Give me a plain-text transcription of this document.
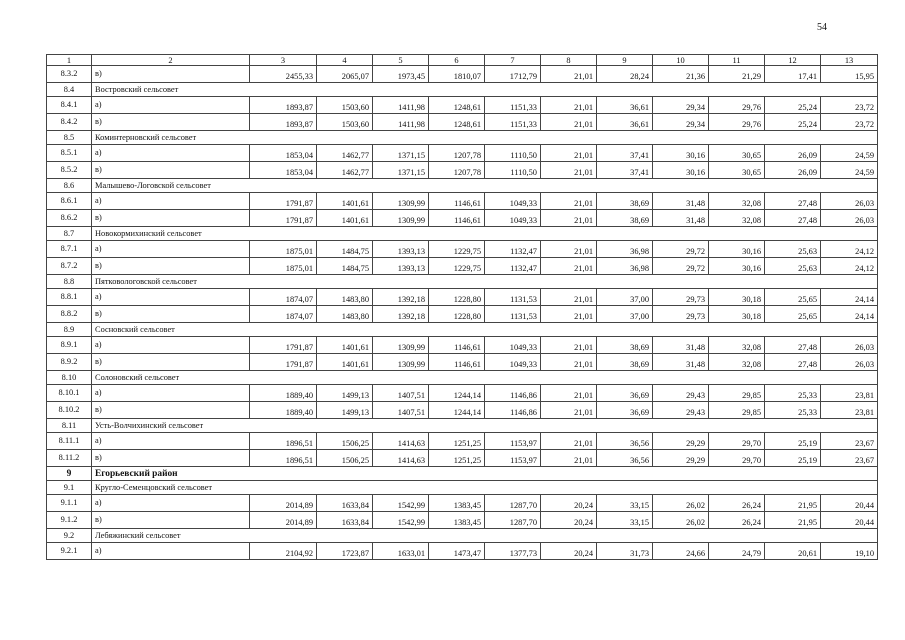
54
1	2	3	4	5	6	7	8	9	10	11	12	13
8.3.2	в)	2455,33	2065,07	1973,45	1810,07	1712,79	21,01	28,24	21,36	21,29	17,41	15,95
8.4	Востровский сельсовет											
8.4.1	а)	1893,87	1503,60	1411,98	1248,61	1151,33	21,01	36,61	29,34	29,76	25,24	23,72
8.4.2	в)	1893,87	1503,60	1411,98	1248,61	1151,33	21,01	36,61	29,34	29,76	25,24	23,72
8.5	Коминтерновский сельсовет											
8.5.1	а)	1853,04	1462,77	1371,15	1207,78	1110,50	21,01	37,41	30,16	30,65	26,09	24,59
8.5.2	в)	1853,04	1462,77	1371,15	1207,78	1110,50	21,01	37,41	30,16	30,65	26,09	24,59
8.6	Малышево-Логовской сельсовет											
8.6.1	а)	1791,87	1401,61	1309,99	1146,61	1049,33	21,01	38,69	31,48	32,08	27,48	26,03
8.6.2	в)	1791,87	1401,61	1309,99	1146,61	1049,33	21,01	38,69	31,48	32,08	27,48	26,03
8.7	Новокормихинский сельсовет											
8.7.1	а)	1875,01	1484,75	1393,13	1229,75	1132,47	21,01	36,98	29,72	30,16	25,63	24,12
8.7.2	в)	1875,01	1484,75	1393,13	1229,75	1132,47	21,01	36,98	29,72	30,16	25,63	24,12
8.8	Пятковологовской сельсовет											
8.8.1	а)	1874,07	1483,80	1392,18	1228,80	1131,53	21,01	37,00	29,73	30,18	25,65	24,14
8.8.2	в)	1874,07	1483,80	1392,18	1228,80	1131,53	21,01	37,00	29,73	30,18	25,65	24,14
8.9	Сосновский сельсовет											
8.9.1	а)	1791,87	1401,61	1309,99	1146,61	1049,33	21,01	38,69	31,48	32,08	27,48	26,03
8.9.2	в)	1791,87	1401,61	1309,99	1146,61	1049,33	21,01	38,69	31,48	32,08	27,48	26,03
8.10	Солоновский сельсовет											
8.10.1	а)	1889,40	1499,13	1407,51	1244,14	1146,86	21,01	36,69	29,43	29,85	25,33	23,81
8.10.2	в)	1889,40	1499,13	1407,51	1244,14	1146,86	21,01	36,69	29,43	29,85	25,33	23,81
8.11	Усть-Волчихинский сельсовет											
8.11.1	а)	1896,51	1506,25	1414,63	1251,25	1153,97	21,01	36,56	29,29	29,70	25,19	23,67
8.11.2	в)	1896,51	1506,25	1414,63	1251,25	1153,97	21,01	36,56	29,29	29,70	25,19	23,67
9	Егорьевский район											
9.1	Кругло-Семенцовский сельсовет											
9.1.1	а)	2014,89	1633,84	1542,99	1383,45	1287,70	20,24	33,15	26,02	26,24	21,95	20,44
9.1.2	в)	2014,89	1633,84	1542,99	1383,45	1287,70	20,24	33,15	26,02	26,24	21,95	20,44
9.2	Лебяжинский сельсовет											
9.2.1	а)	2104,92	1723,87	1633,01	1473,47	1377,73	20,24	31,73	24,66	24,79	20,61	19,10
